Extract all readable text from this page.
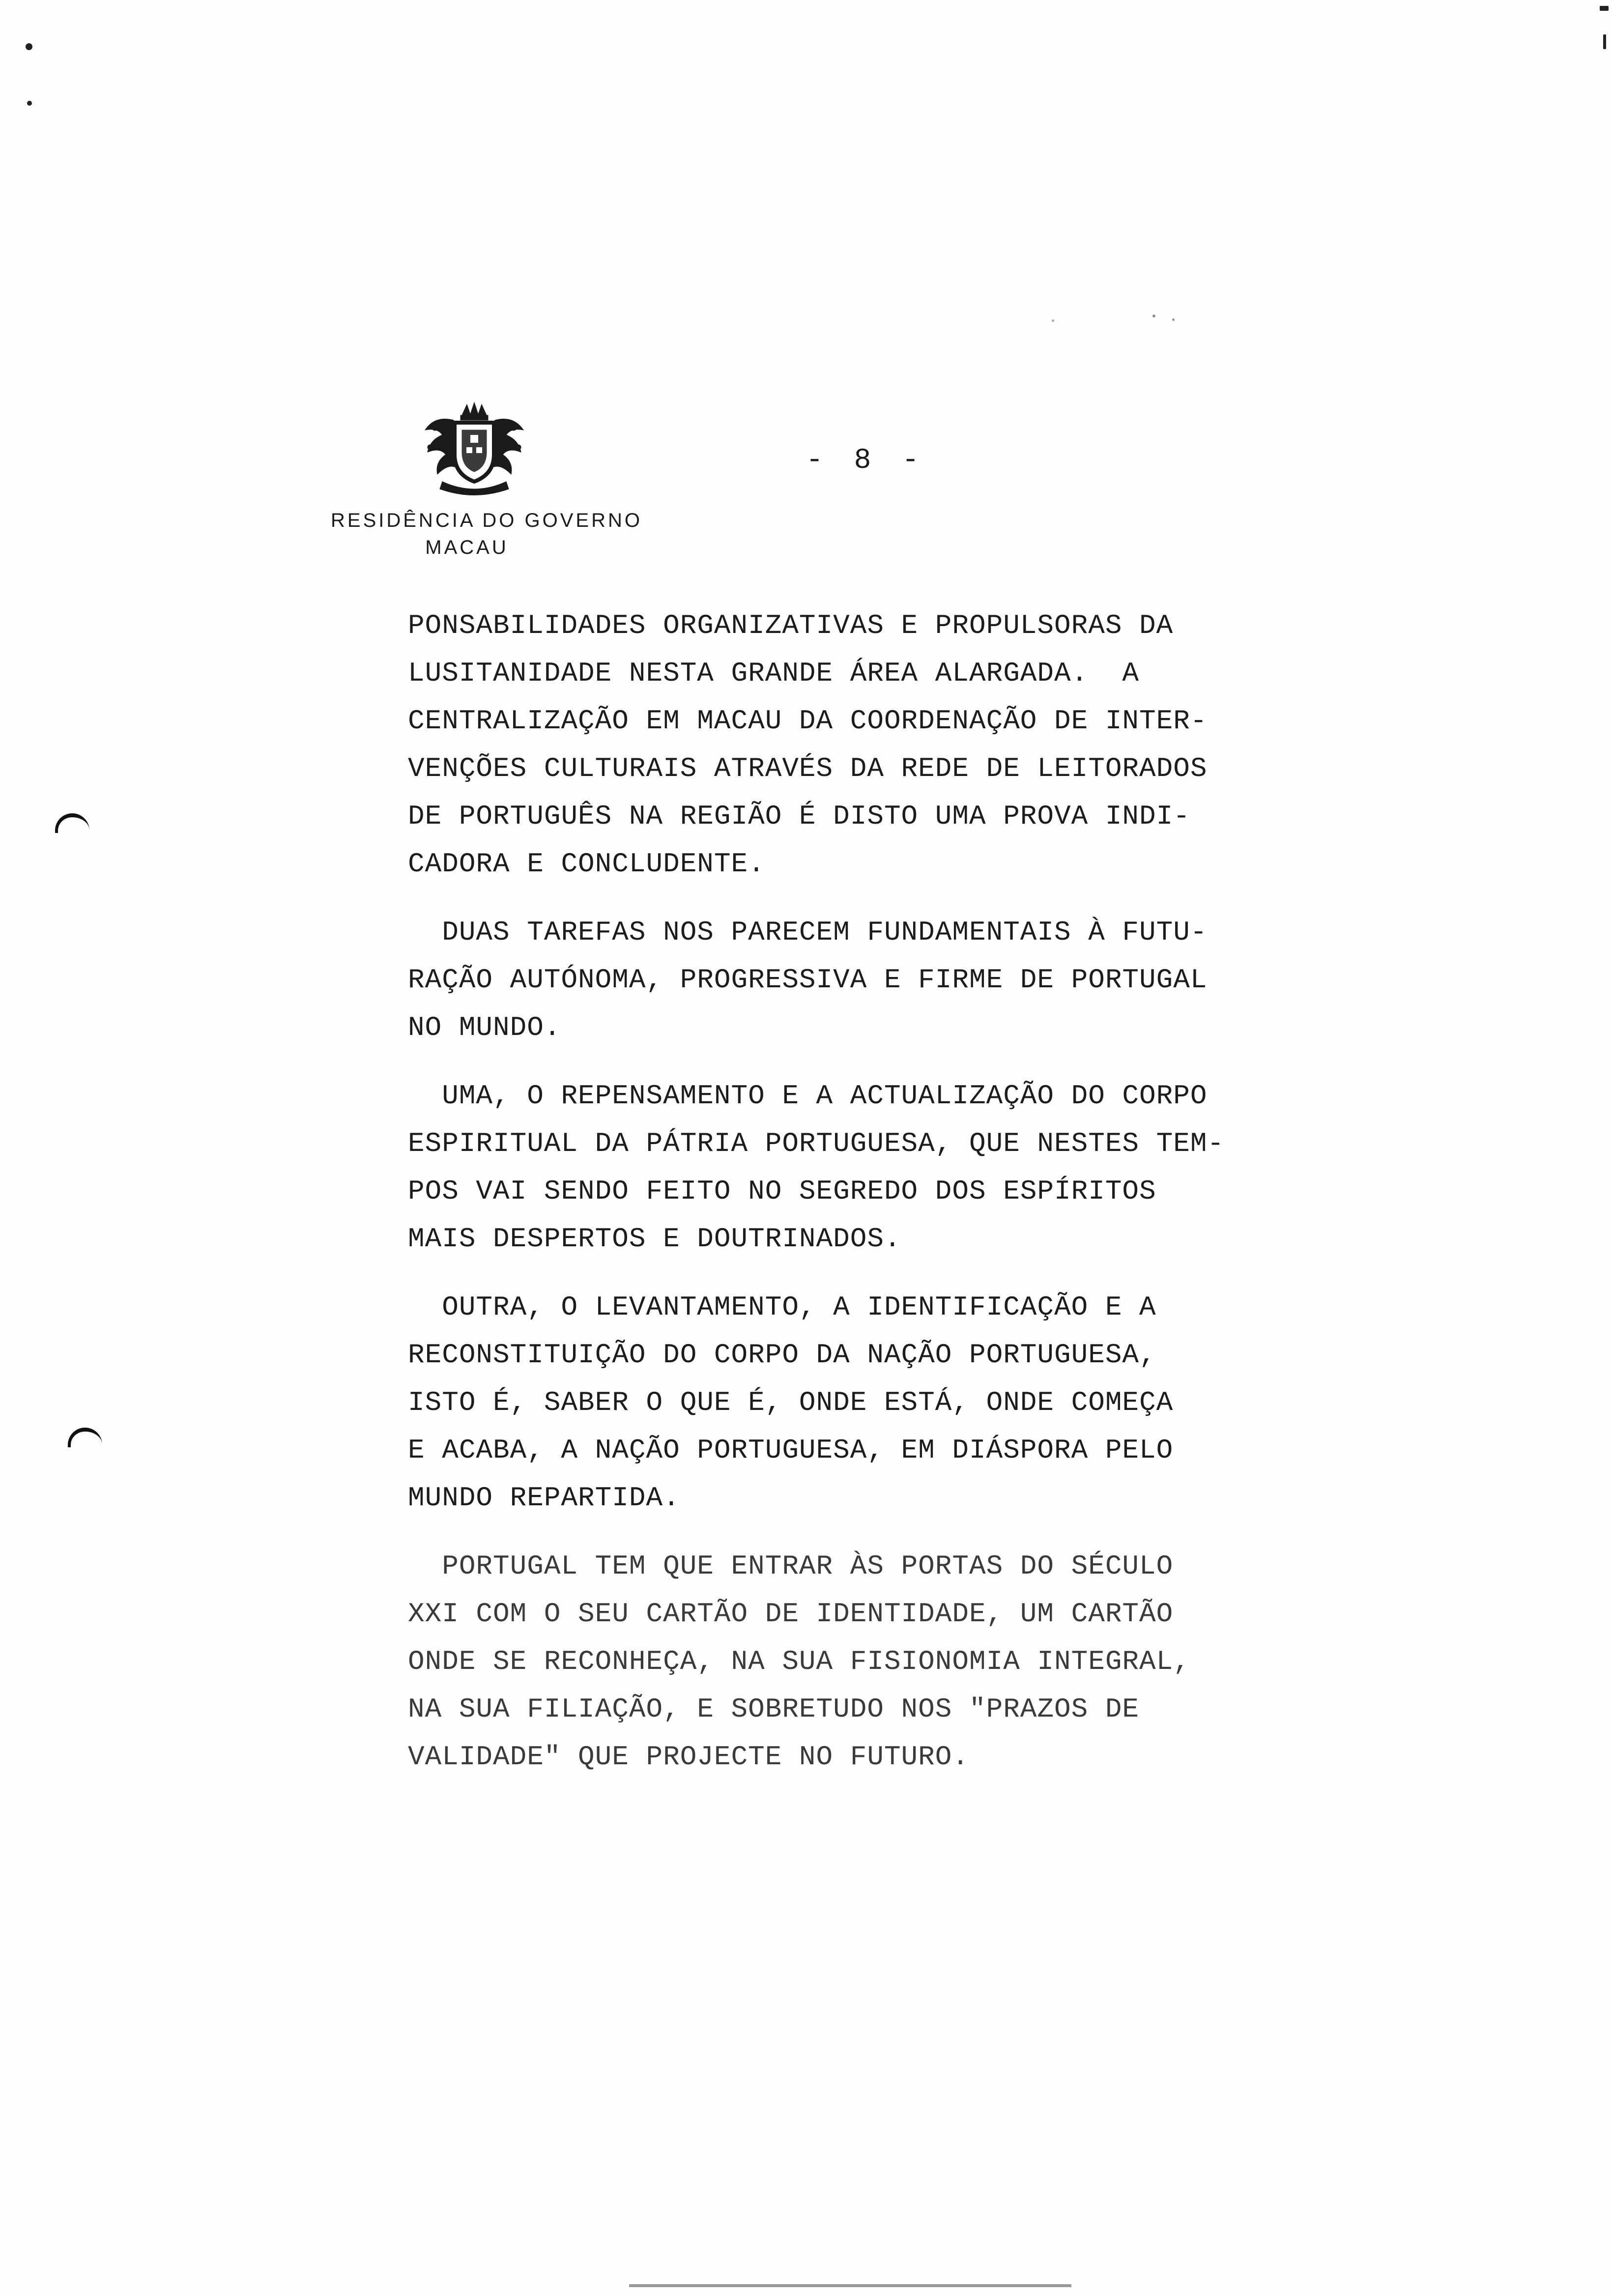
RESIDÊNCIA DO GOVERNO
MACAU
- 8 -
PONSABILIDADES ORGANIZATIVAS E PROPULSORAS DA
LUSITANIDADE NESTA GRANDE ÁREA ALARGADA.  A
CENTRALIZAÇÃO EM MACAU DA COORDENAÇÃO DE INTER-
VENÇÕES CULTURAIS ATRAVÉS DA REDE DE LEITORADOS
DE PORTUGUÊS NA REGIÃO É DISTO UMA PROVA INDI-
CADORA E CONCLUDENTE.
DUAS TAREFAS NOS PARECEM FUNDAMENTAIS À FUTU-
RAÇÃO AUTÓNOMA, PROGRESSIVA E FIRME DE PORTUGAL
NO MUNDO.
UMA, O REPENSAMENTO E A ACTUALIZAÇÃO DO CORPO
ESPIRITUAL DA PÁTRIA PORTUGUESA, QUE NESTES TEM-
POS VAI SENDO FEITO NO SEGREDO DOS ESPÍRITOS
MAIS DESPERTOS E DOUTRINADOS.
OUTRA, O LEVANTAMENTO, A IDENTIFICAÇÃO E A
RECONSTITUIÇÃO DO CORPO DA NAÇÃO PORTUGUESA,
ISTO É, SABER O QUE É, ONDE ESTÁ, ONDE COMEÇA
E ACABA, A NAÇÃO PORTUGUESA, EM DIÁSPORA PELO
MUNDO REPARTIDA.
PORTUGAL TEM QUE ENTRAR ÀS PORTAS DO SÉCULO
XXI COM O SEU CARTÃO DE IDENTIDADE, UM CARTÃO
ONDE SE RECONHEÇA, NA SUA FISIONOMIA INTEGRAL,
NA SUA FILIAÇÃO, E SOBRETUDO NOS "PRAZOS DE
VALIDADE" QUE PROJECTE NO FUTURO.
